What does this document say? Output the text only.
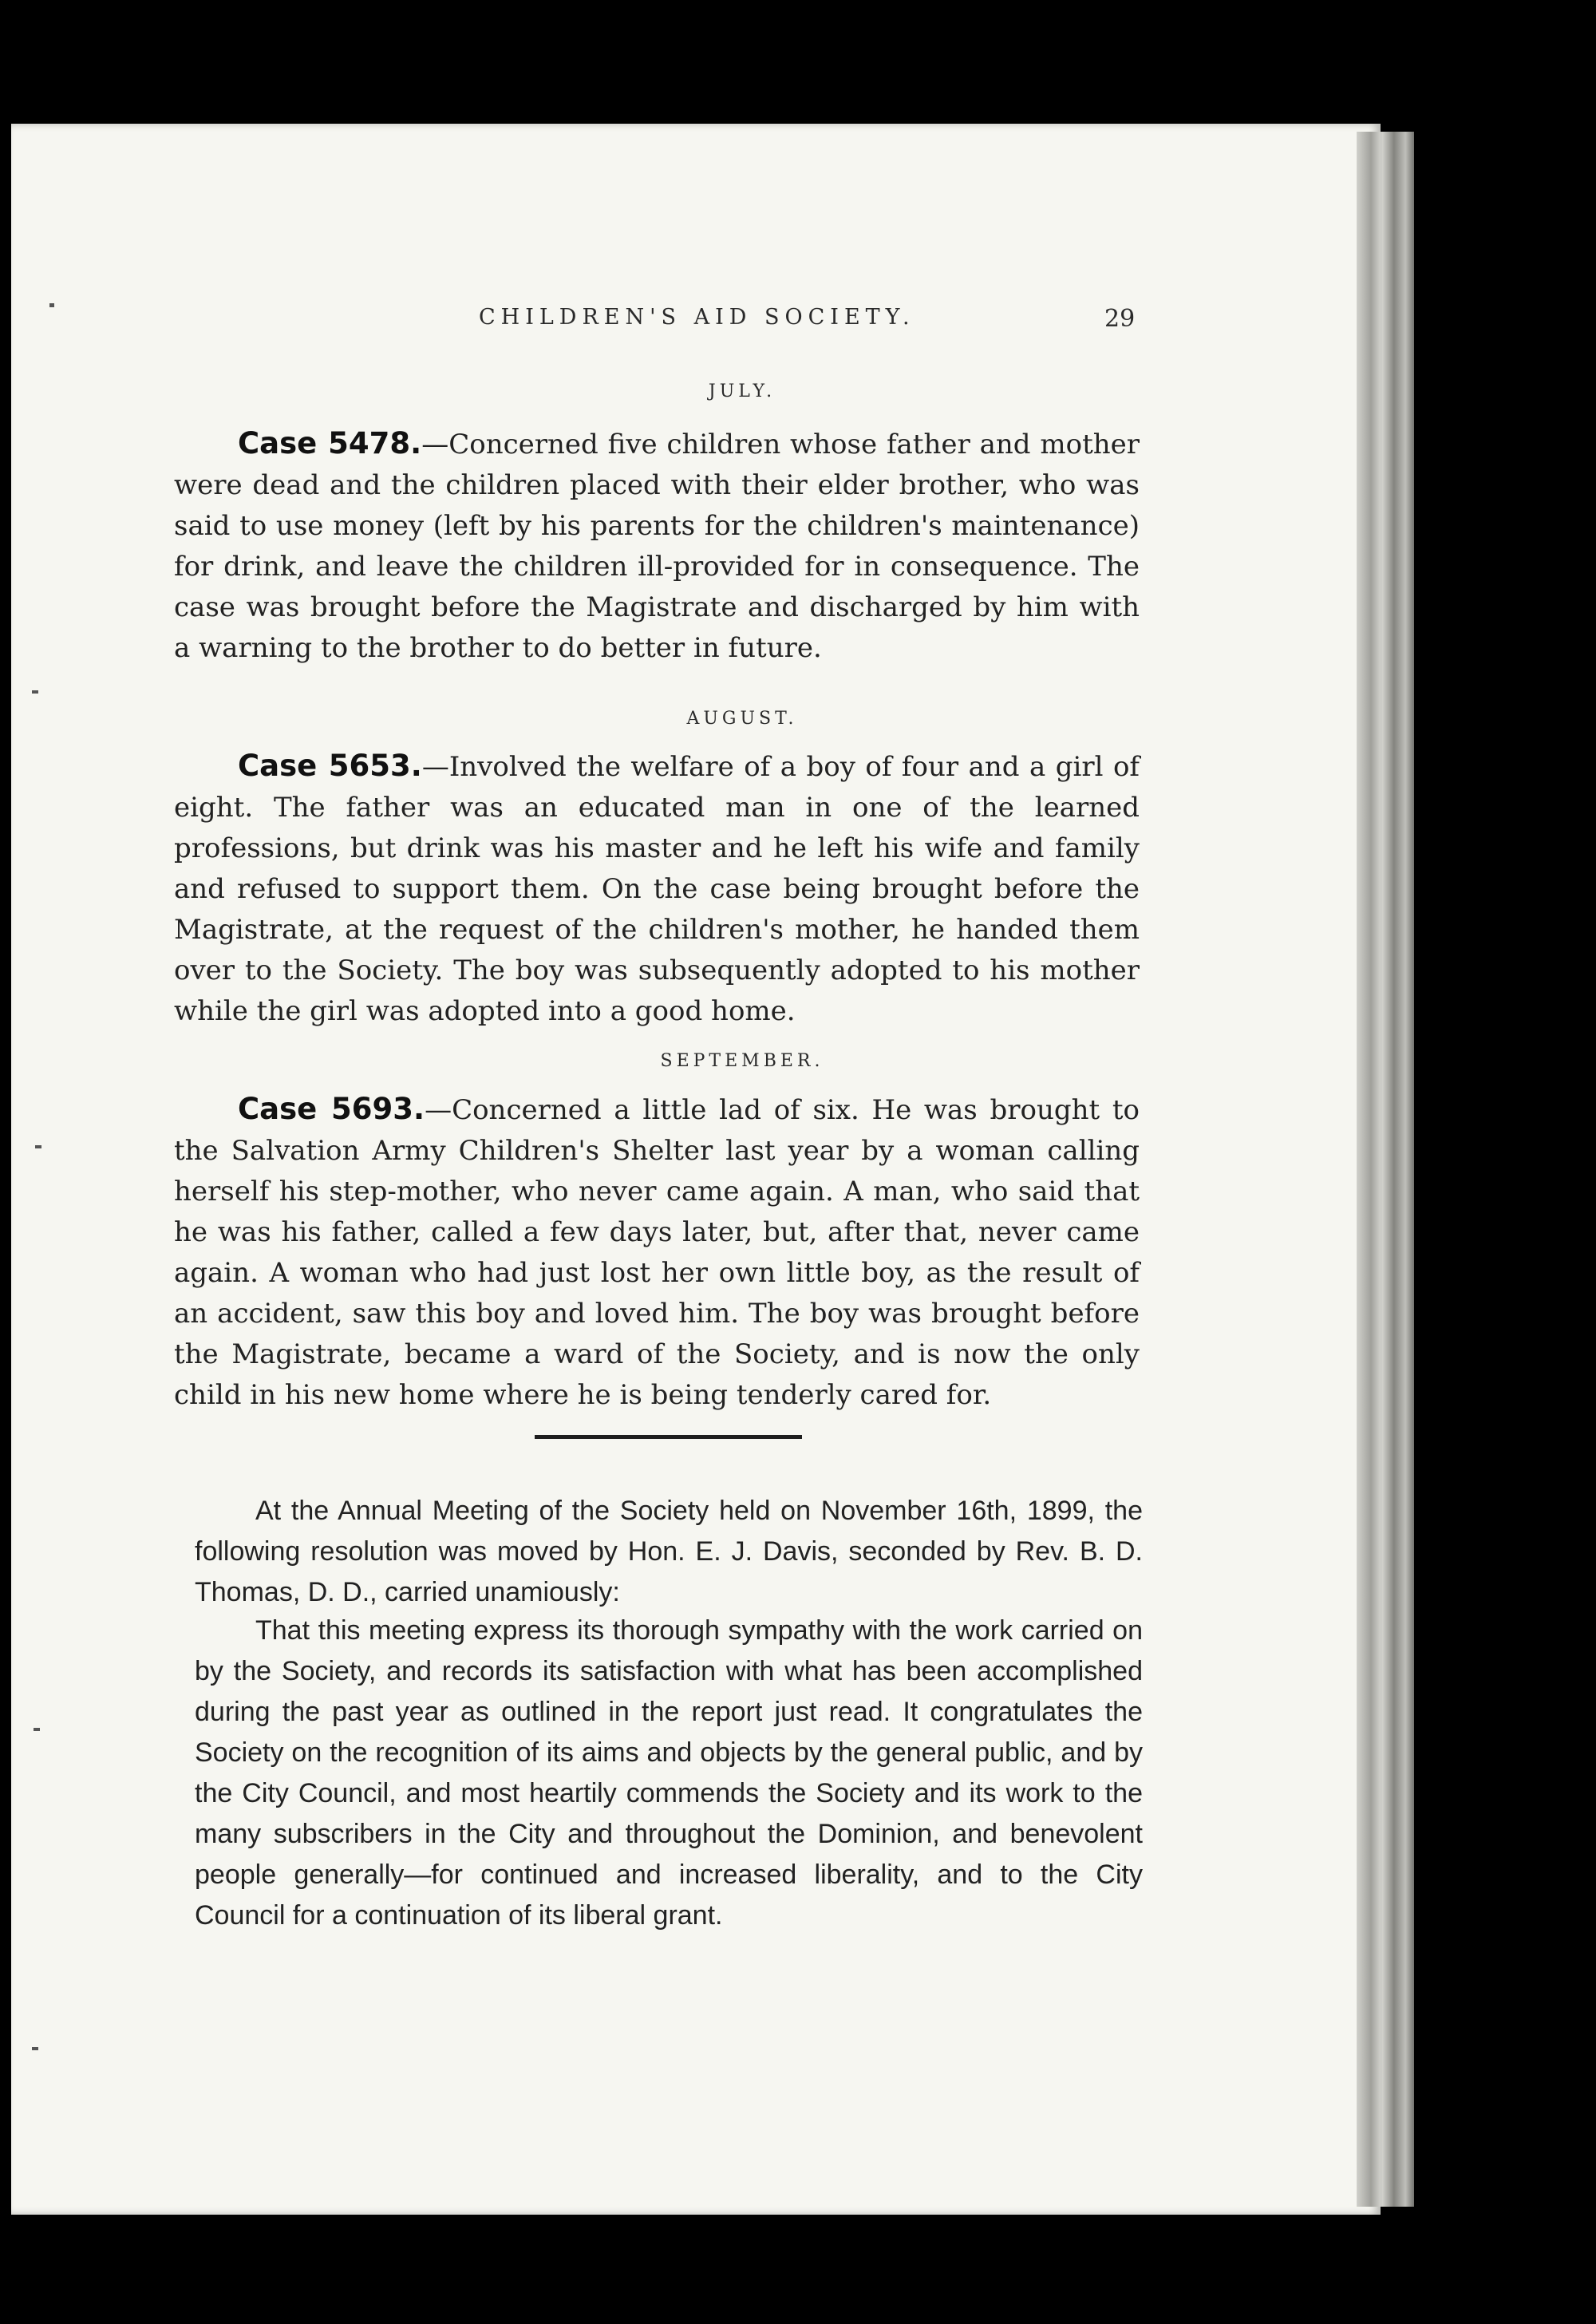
CHILDREN'S AID SOCIETY.	29
JULY.

Case 5478.—Concerned five children whose father and mother were dead and the children placed with their elder brother, who was said to use money (left by his parents for the children's maintenance) for drink, and leave the children ill-provided for in consequence. The case was brought before the Magistrate and discharged by him with a warning to the brother to do better in future.

AUGUST.

Case 5653.—Involved the welfare of a boy of four and a girl of eight. The father was an educated man in one of the learned professions, but drink was his master and he left his wife and family and refused to support them. On the case being brought before the Magistrate, at the request of the children's mother, he handed them over to the Society. The boy was subsequently adopted to his mother while the girl was adopted into a good home.

SEPTEMBER.

Case 5693.—Concerned a little lad of six. He was brought to the Salvation Army Children's Shelter last year by a woman calling herself his step-mother, who never came again. A man, who said that he was his father, called a few days later, but, after that, never came again. A woman who had just lost her own little boy, as the result of an accident, saw this boy and loved him. The boy was brought before the Magistrate, became a ward of the Society, and is now the only child in his new home where he is being tenderly cared for.

At the Annual Meeting of the Society held on November 16th, 1899, the following resolution was moved by Hon. E. J. Davis, seconded by Rev. B. D. Thomas, D. D., carried unamiously:

That this meeting express its thorough sympathy with the work carried on by the Society, and records its satisfaction with what has been accomplished during the past year as outlined in the report just read. It congratulates the Society on the recognition of its aims and objects by the general public, and by the City Council, and most heartily commends the Society and its work to the many subscribers in the City and throughout the Dominion, and benevolent people generally—for continued and increased liberality, and to the City Council for a continuation of its liberal grant.
